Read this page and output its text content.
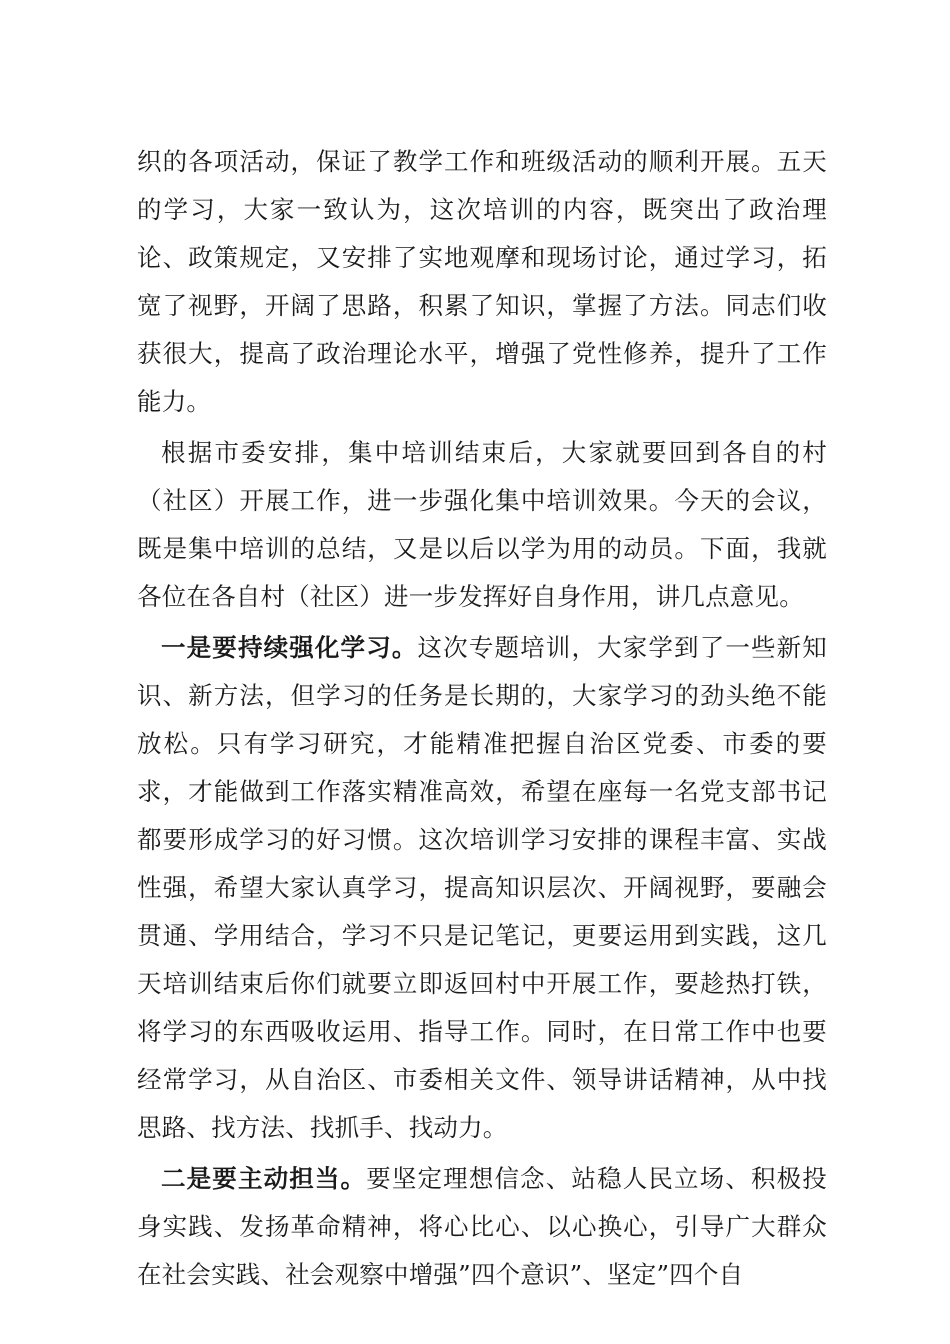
织的各项活动，保证了教学工作和班级活动的顺利开展。五天的学习，大家一致认为，这次培训的内容，既突出了政治理论、政策规定，又安排了实地观摩和现场讨论，通过学习，拓宽了视野，开阔了思路，积累了知识，掌握了方法。同志们收获很大，提高了政治理论水平，增强了党性修养，提升了工作能力。

根据市委安排，集中培训结束后，大家就要回到各自的村（社区）开展工作，进一步强化集中培训效果。今天的会议，既是集中培训的总结，又是以后以学为用的动员。下面，我就各位在各自村（社区）进一步发挥好自身作用，讲几点意见。

一是要持续强化学习。这次专题培训，大家学到了一些新知识、新方法，但学习的任务是长期的，大家学习的劲头绝不能放松。只有学习研究，才能精准把握自治区党委、市委的要求，才能做到工作落实精准高效，希望在座每一名党支部书记都要形成学习的好习惯。这次培训学习安排的课程丰富、实战性强，希望大家认真学习，提高知识层次、开阔视野，要融会贯通、学用结合，学习不只是记笔记，更要运用到实践，这几天培训结束后你们就要立即返回村中开展工作，要趁热打铁，将学习的东西吸收运用、指导工作。同时，在日常工作中也要经常学习，从自治区、市委相关文件、领导讲话精神，从中找思路、找方法、找抓手、找动力。

二是要主动担当。要坚定理想信念、站稳人民立场、积极投身实践、发扬革命精神，将心比心、以心换心，引导广大群众在社会实践、社会观察中增强”四个意识”、坚定”四个自
